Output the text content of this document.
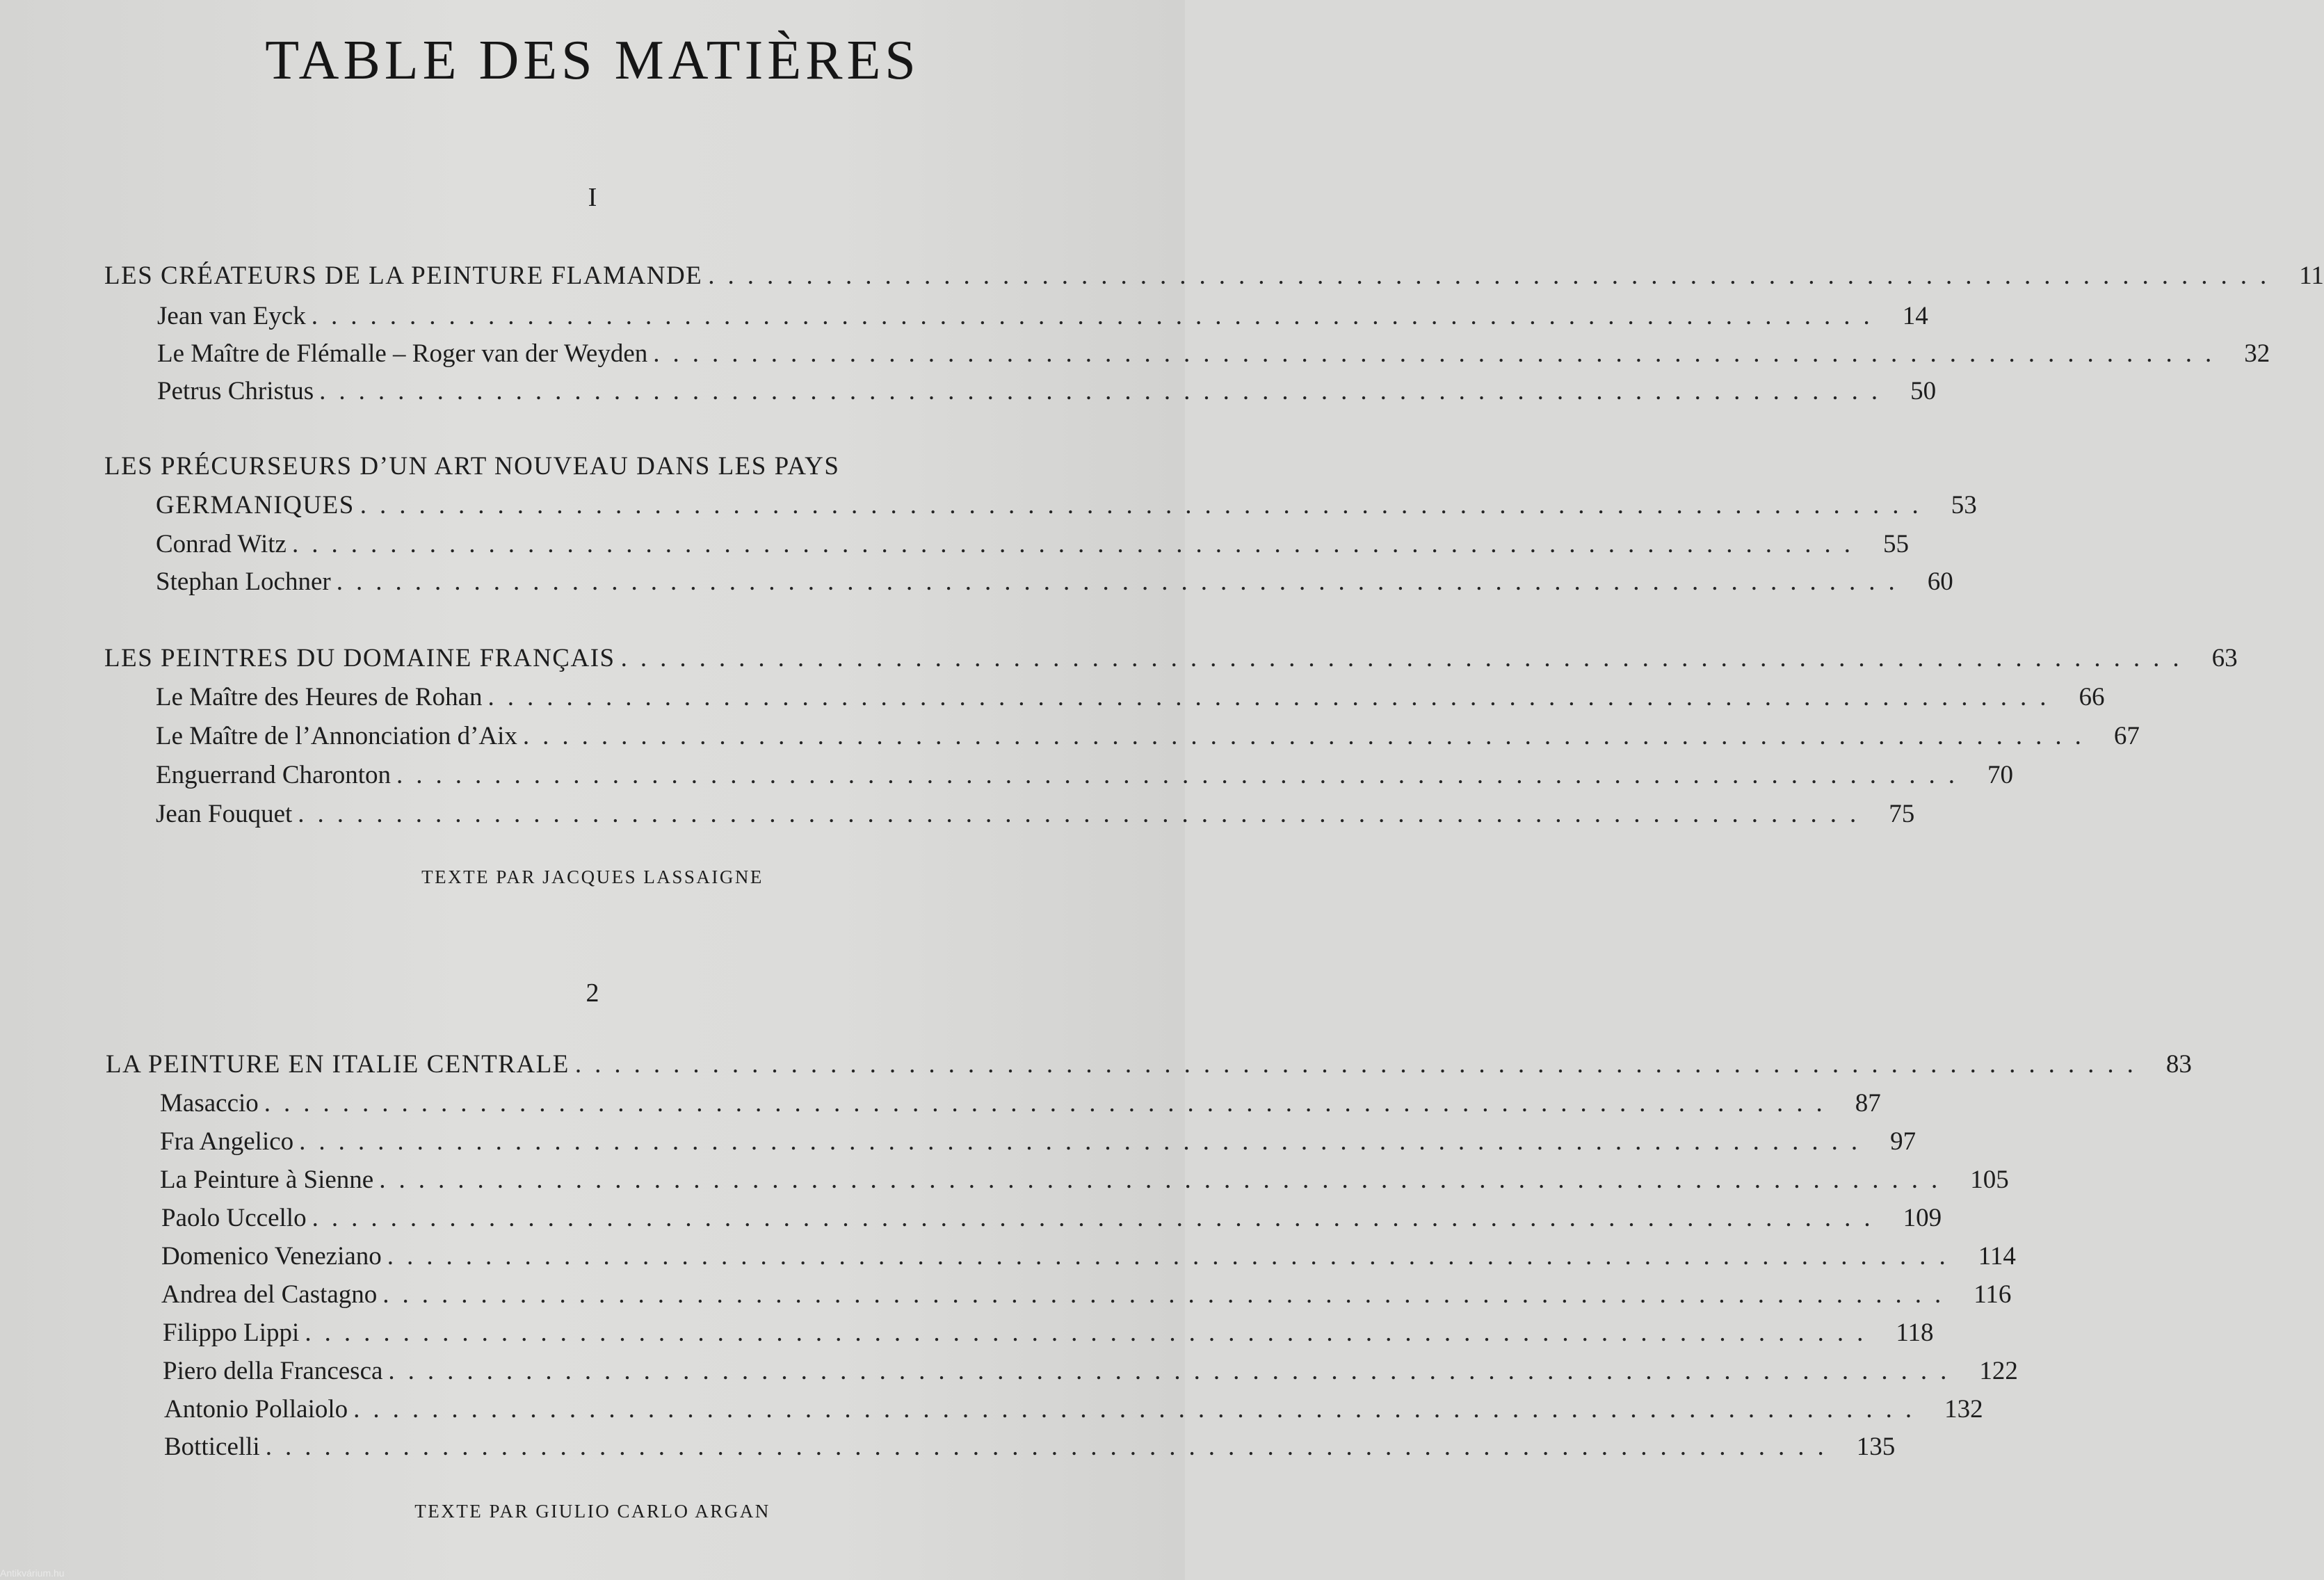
TABLE DES MATIÈRES
I
LES CRÉATEURS DE LA PEINTURE FLAMANDE ................................................................................ 11
Jean van Eyck ................................................................................ 14
Le Maître de Flémalle – Roger van der Weyden ................................................................................ 32
Petrus Christus ................................................................................ 50
LES PRÉCURSEURS D’UN ART NOUVEAU DANS LES PAYS
GERMANIQUES ................................................................................ 53
Conrad Witz ................................................................................ 55
Stephan Lochner ................................................................................ 60
LES PEINTRES DU DOMAINE FRANÇAIS ................................................................................ 63
Le Maître des Heures de Rohan ................................................................................ 66
Le Maître de l’Annonciation d’Aix ................................................................................ 67
Enguerrand Charonton ................................................................................ 70
Jean Fouquet ................................................................................ 75
TEXTE PAR JACQUES LASSAIGNE
2
LA PEINTURE EN ITALIE CENTRALE ................................................................................ 83
Masaccio ................................................................................ 87
Fra Angelico ................................................................................ 97
La Peinture à Sienne ................................................................................ 105
Paolo Uccello ................................................................................ 109
Domenico Veneziano ................................................................................ 114
Andrea del Castagno ................................................................................ 116
Filippo Lippi ................................................................................ 118
Piero della Francesca ................................................................................ 122
Antonio Pollaiolo ................................................................................ 132
Botticelli ................................................................................ 135
TEXTE PAR GIULIO CARLO ARGAN
Antikvárium.hu
